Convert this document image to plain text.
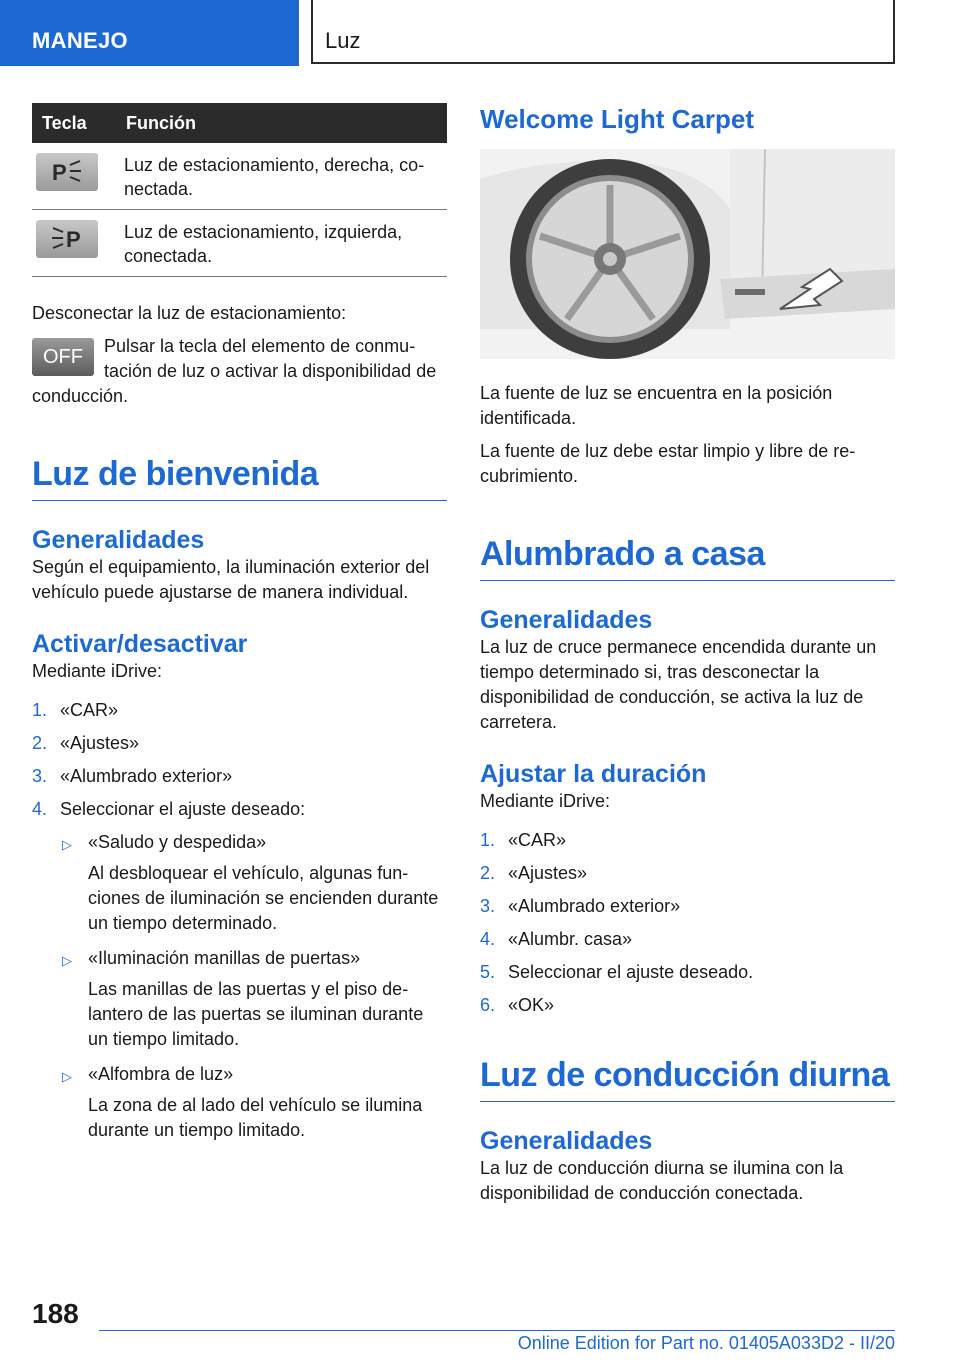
MANEJO	Luz
Tecla	Función

P	Luz de estacionamiento, derecha, conectada.

P	Luz de estacionamiento, izquierda, conectada.

Desconectar la luz de estacionamiento:

OFF	Pulsar la tecla del elemento de conmutación de luz o activar la disponibilidad de conducción.

Luz de bienvenida
Generalidades

Según el equipamiento, la iluminación exterior del vehículo puede ajustarse de manera individual.

Activar/desactivar

Mediante iDrive:

1. «CAR»
2. «Ajustes»
3. «Alumbrado exterior»
4. Seleccionar el ajuste deseado:
▷ «Saludo y despedida»
Al desbloquear el vehículo, algunas funciones de iluminación se encienden durante un tiempo determinado.
▷ «Iluminación manillas de puertas»
Las manillas de las puertas y el piso delantero de las puertas se iluminan durante un tiempo limitado.
▷ «Alfombra de luz»
La zona de al lado del vehículo se ilumina durante un tiempo limitado.
Welcome Light Carpet

La fuente de luz se encuentra en la posición identificada.

La fuente de luz debe estar limpio y libre de recubrimiento.

Alumbrado a casa
Generalidades

La luz de cruce permanece encendida durante un tiempo determinado si, tras desconectar la disponibilidad de conducción, se activa la luz de carretera.

Ajustar la duración

Mediante iDrive:

1. «CAR»
2. «Ajustes»
3. «Alumbrado exterior»
4. «Alumbr. casa»
5. Seleccionar el ajuste deseado.
6. «OK»
Luz de conducción diurna
Generalidades

La luz de conducción diurna se ilumina con la disponibilidad de conducción conectada.

188
Online Edition for Part no. 01405A033D2 - II/20
